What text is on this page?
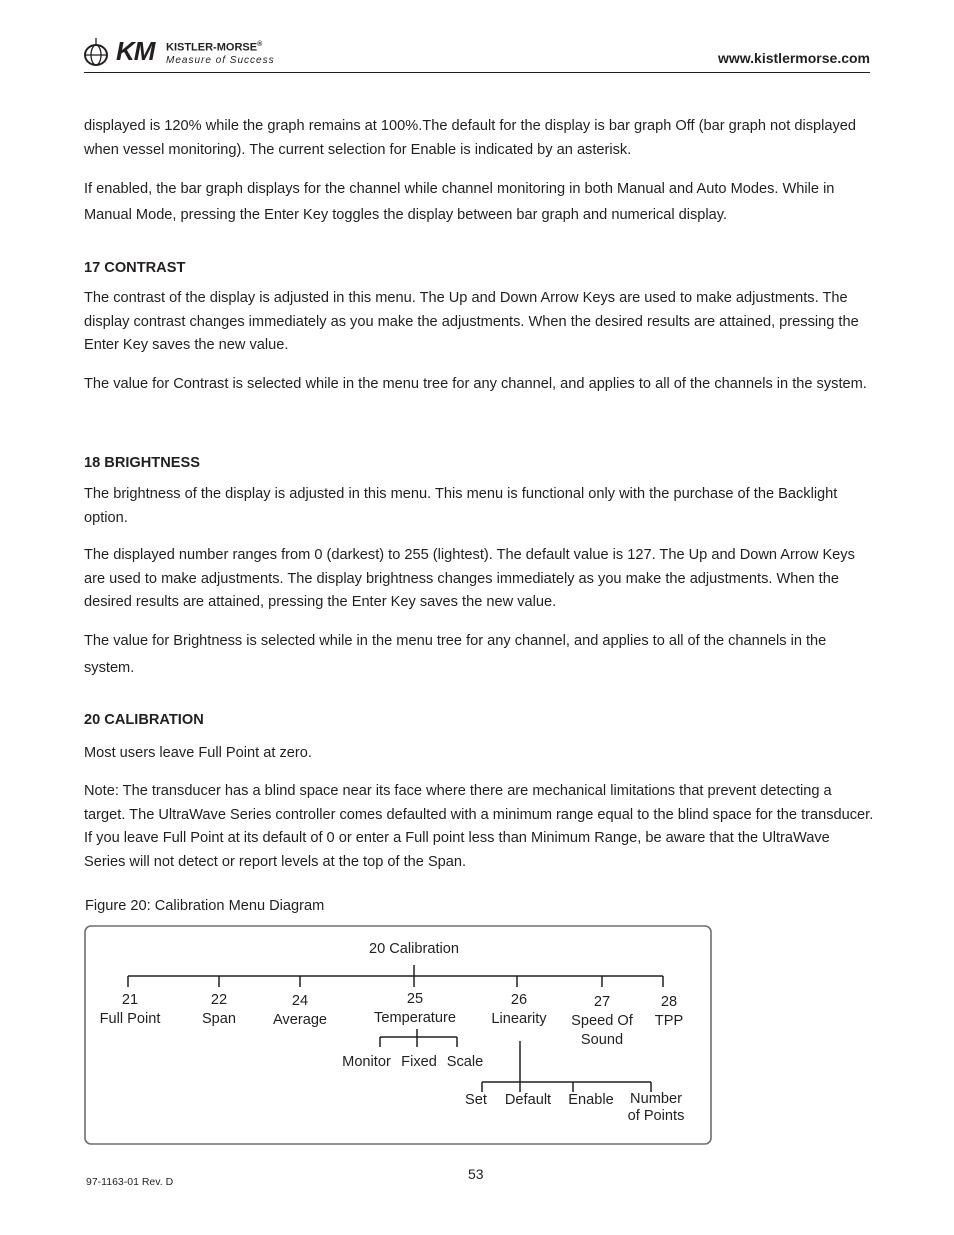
KM KISTLER-MORSE®
Measure of Success	www.kistlermorse.com

displayed is 120% while the graph remains at 100%.The default for the display is bar graph Off (bar graph not displayed when vessel monitoring). The current selection for Enable is indicated by an asterisk.

If enabled, the bar graph displays for the channel while channel monitoring in both Manual and Auto Modes. While in Manual Mode, pressing the Enter Key toggles the display between bar graph and numerical display.

17 CONTRAST

The contrast of the display is adjusted in this menu. The Up and Down Arrow Keys are used to make adjustments. The display contrast changes immediately as you make the adjustments. When the desired results are attained, pressing the Enter Key saves the new value.

The value for Contrast is selected while in the menu tree for any channel, and applies to all of the channels in the system.

18 BRIGHTNESS

The brightness of the display is adjusted in this menu. This menu is functional only with the purchase of the Backlight option.

The displayed number ranges from 0 (darkest) to 255 (lightest). The default value is 127. The Up and Down Arrow Keys are used to make adjustments. The display brightness changes immediately as you make the adjustments. When the desired results are attained, pressing the Enter Key saves the new value.

The value for Brightness is selected while in the menu tree for any channel, and applies to all of the channels in the system.

20 CALIBRATION

Most users leave Full Point at zero.

Note: The transducer has a blind space near its face where there are mechanical limitations that prevent detecting a target. The UltraWave Series controller comes defaulted with a minimum range equal to the blind space for the transducer. If you leave Full Point at its default of 0 or enter a Full point less than Minimum Range, be aware that the UltraWave Series will not detect or report levels at the top of the Span.

Figure 20: Calibration Menu Diagram

20 Calibration
21
Full Point
22
Span
24
Average
25
Temperature
26
Linearity
27
Speed Of Sound
28
TPP
Monitor Fixed Scale
Set	Default	Enable	Number of Points
97-1163-01 Rev. D	53
